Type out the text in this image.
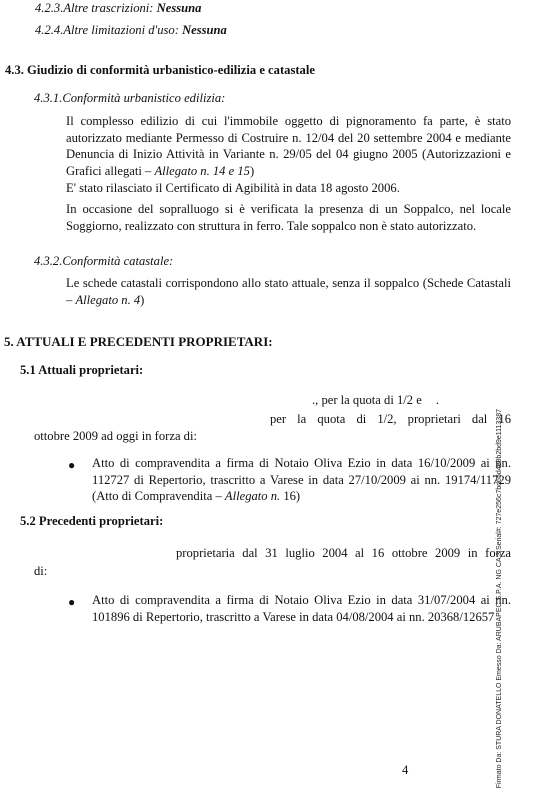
4.2.3.Altre trascrizioni: Nessuna
4.2.4.Altre limitazioni d'uso: Nessuna
4.3. Giudizio di conformità urbanistico-edilizia e catastale
4.3.1.Conformità urbanistico edilizia:

Il complesso edilizio di cui l'immobile oggetto di pignoramento fa parte, è stato autorizzato mediante Permesso di Costruire n. 12/04 del 20 settembre 2004 e mediante Denuncia di Inizio Attività in Variante n. 29/05 del 04 giugno 2005 (Autorizzazioni e Grafici allegati – Allegato n. 14 e 15)

E' stato rilasciato il Certificato di Agibilità in data 18 agosto 2006.

In occasione del sopralluogo si è verificata la presenza di un Soppalco, nel locale Soggiorno, realizzato con struttura in ferro. Tale soppalco non è stato autorizzato.

4.3.2.Conformità catastale:

Le schede catastali corrispondono allo stato attuale, senza il soppalco (Schede Catastali – Allegato n. 4)

5. ATTUALI E PRECEDENTI PROPRIETARI:
5.1 Attuali proprietari:
., per la quota di 1/2 e .
per la quota di 1/2, proprietari dal 16
ottobre 2009 ad oggi in forza di:
● Atto di compravendita a firma di Notaio Oliva Ezio in data 16/10/2009 ai nn. 112727 di Repertorio, trascritto a Varese in data 27/10/2009 ai nn. 19174/11729 (Atto di Compravendita – Allegato n. 16)

5.2 Precedenti proprietari:
proprietaria dal 31 luglio 2004 al 16 ottobre 2009 in forza
di:
● Atto di compravendita a firma di Notaio Oliva Ezio in data 31/07/2004 ai nn. 101896 di Repertorio, trascritto a Varese in data 04/08/2004 ai nn. 20368/12657

4	Firmato Da: STURA DONATELLO Emesso Da: ARUBAPEC S.P.A. NG CA 3 Serial#: 727e256c7bd65d4e8b2bd9e1113387
